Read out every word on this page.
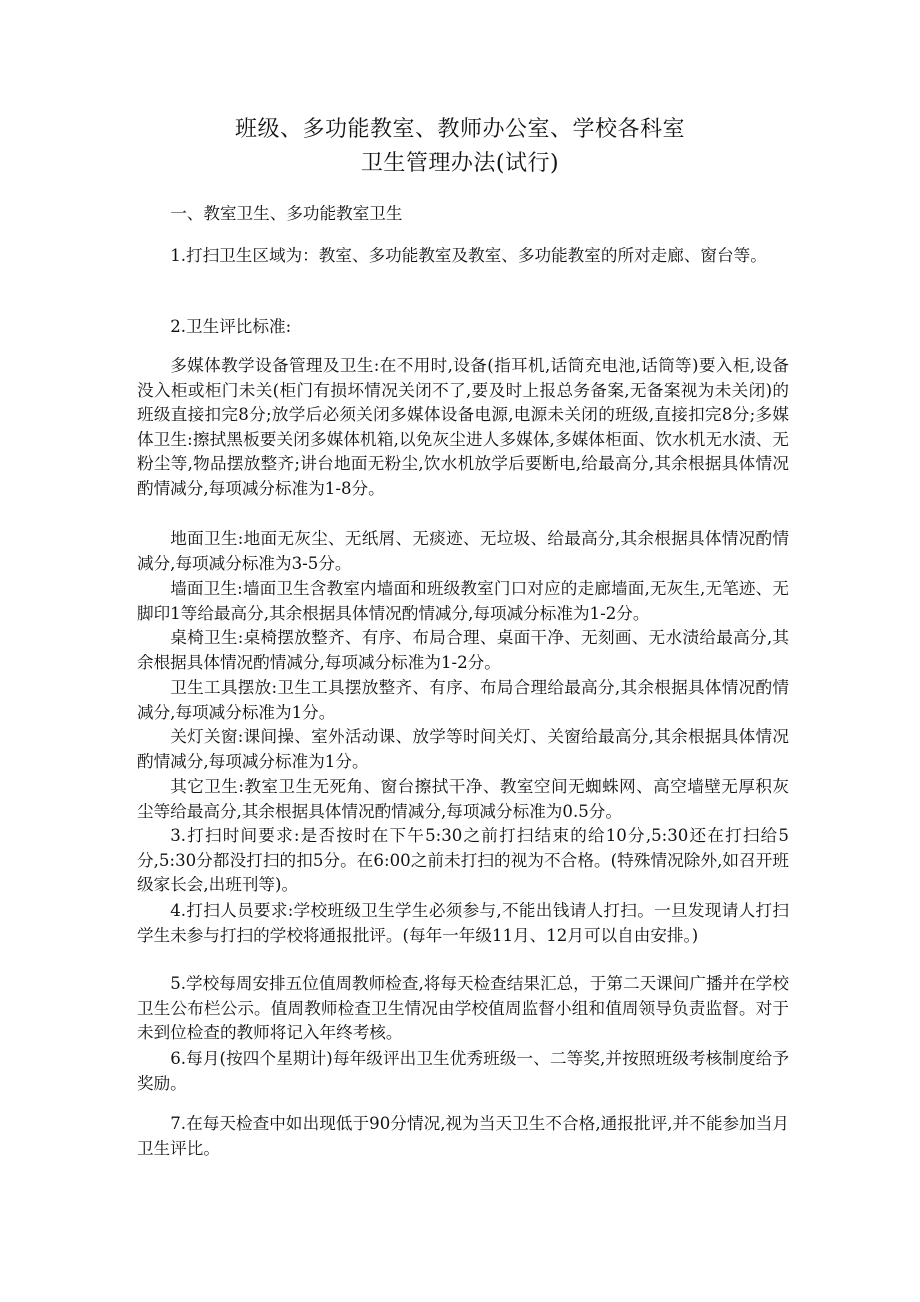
班级、多功能教室、教师办公室、学校各科室
卫生管理办法(试行)

一、教室卫生、多功能教室卫生

1.打扫卫生区域为：教室、多功能教室及教室、多功能教室的所对走廊、窗台等。

2.卫生评比标准:

多媒体教学设备管理及卫生:在不用时,设备(指耳机,话筒充电池,话筒等)要入柜,设备没入柜或柜门未关(柜门有损坏情况关闭不了,要及时上报总务备案,无备案视为未关闭)的班级直接扣完8分;放学后必须关闭多媒体设备电源,电源未关闭的班级,直接扣完8分;多媒体卫生:擦拭黑板要关闭多媒体机箱,以免灰尘进人多媒体,多媒体柜面、饮水机无水渍、无粉尘等,物品摆放整齐;讲台地面无粉尘,饮水机放学后要断电,给最高分,其余根据具体情况酌情减分,每项减分标准为1-8分。

地面卫生:地面无灰尘、无纸屑、无痰迹、无垃圾、给最高分,其余根据具体情况酌情减分,每项减分标准为3-5分。

墙面卫生:墙面卫生含教室内墙面和班级教室门口对应的走廊墙面,无灰生,无笔迹、无脚印1等给最高分,其余根据具体情况酌情减分,每项减分标准为1-2分。

桌椅卫生:桌椅摆放整齐、有序、布局合理、桌面干净、无刻画、无水渍给最高分,其余根据具体情况酌情减分,每项减分标准为1-2分。

卫生工具摆放:卫生工具摆放整齐、有序、布局合理给最高分,其余根据具体情况酌情减分,每项减分标准为1分。

关灯关窗:课间操、室外活动课、放学等时间关灯、关窗给最高分,其余根据具体情况酌情减分,每项减分标准为1分。

其它卫生:教室卫生无死角、窗台擦拭干净、教室空间无蜘蛛网、高空墙壁无厚积灰尘等给最高分,其余根据具体情况酌情减分,每项减分标准为0.5分。

3.打扫时间要求:是否按时在下午5:30之前打扫结束的给10分,5:30还在打扫给5分,5:30分都没打扫的扣5分。在6:00之前未打扫的视为不合格。(特殊情况除外,如召开班级家长会,出班刊等)。

4.打扫人员要求:学校班级卫生学生必须参与,不能出钱请人打扫。一旦发现请人打扫学生未参与打扫的学校将通报批评。(每年一年级11月、12月可以自由安排。)

5.学校每周安排五位值周教师检查,将每天检查结果汇总，于第二天课间广播并在学校卫生公布栏公示。值周教师检查卫生情况由学校值周监督小组和值周领导负责监督。对于未到位检查的教师将记入年终考核。

6.每月(按四个星期计)每年级评出卫生优秀班级一、二等奖,并按照班级考核制度给予奖励。

7.在每天检查中如出现低于90分情况,视为当天卫生不合格,通报批评,并不能参加当月卫生评比。
